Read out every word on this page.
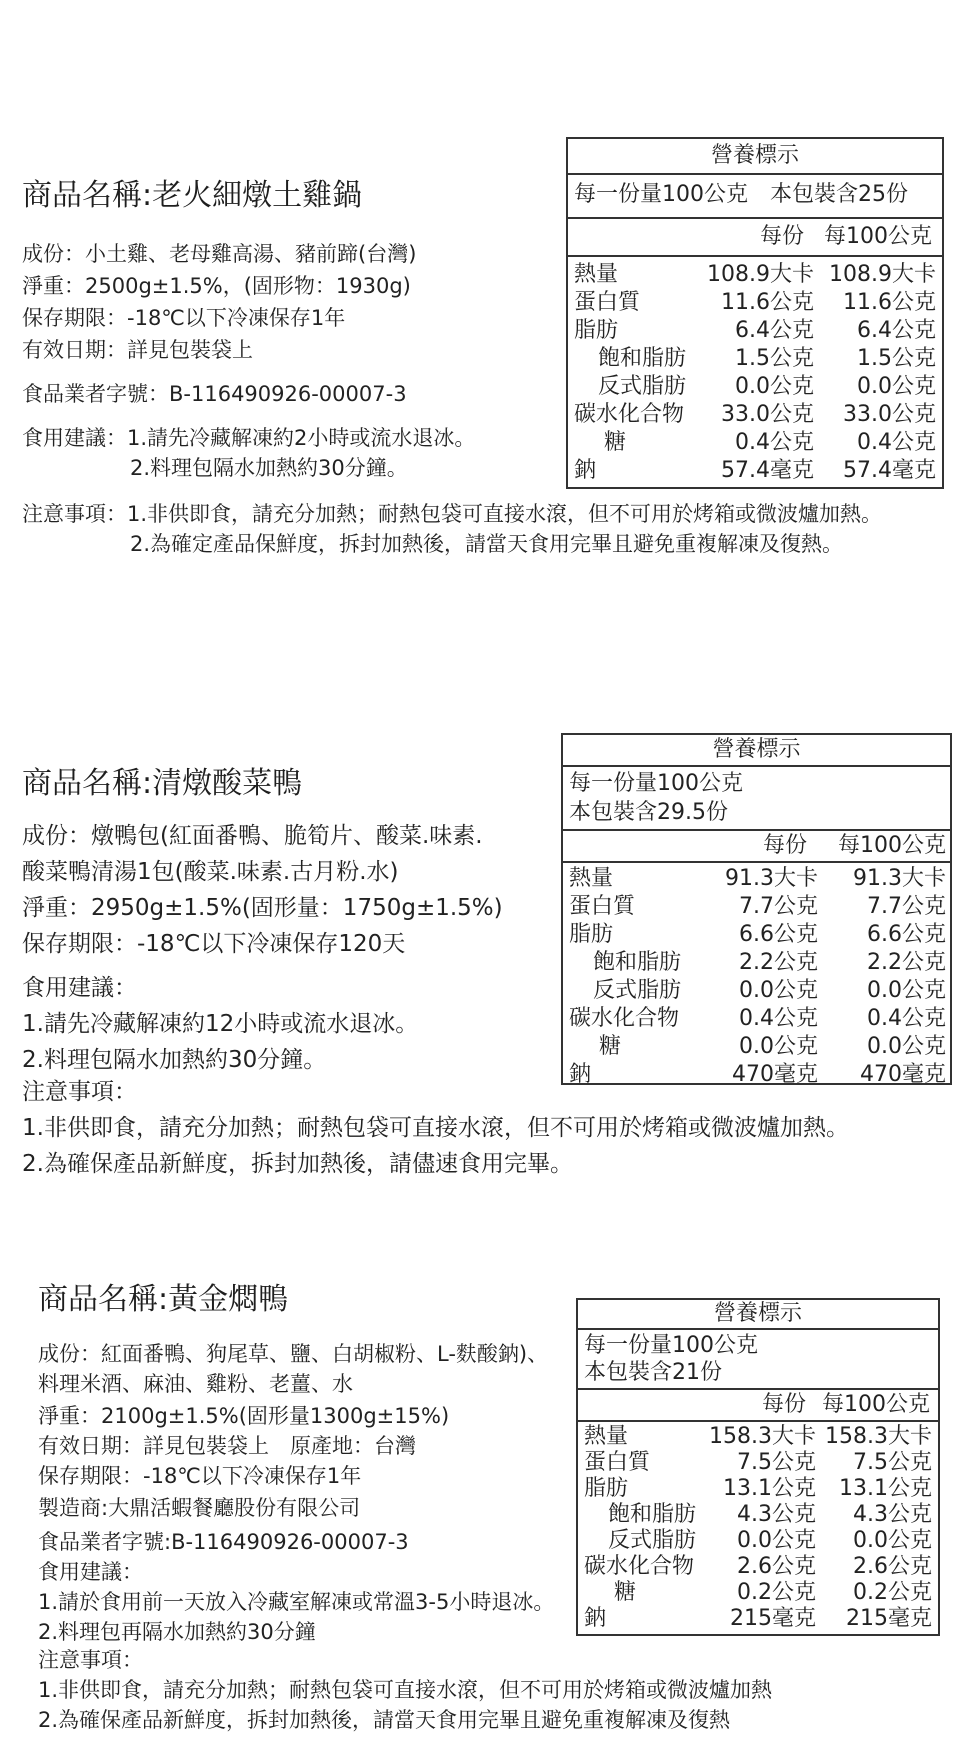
商品名稱:老火細燉土雞鍋
成份：小土雞、老母雞高湯、豬前蹄(台灣)
淨重：2500g±1.5%，(固形物：1930g)
保存期限：-18℃以下冷凍保存1年
有效日期：詳見包裝袋上
食品業者字號：B-116490926-00007-3
食用建議：1.請先冷藏解凍約2小時或流水退冰。
2.料理包隔水加熱約30分鐘。
注意事項：1.非供即食，請充分加熱；耐熱包袋可直接水滾，但不可用於烤箱或微波爐加熱。
2.為確定產品保鮮度，拆封加熱後，請當天食用完畢且避免重複解凍及復熱。
營養標示
每一份量100公克　本包裝含25份
每份 每100公克
熱量	108.9大卡 108.9大卡
蛋白質	11.6公克 11.6公克
脂肪	6.4公克 6.4公克
飽和脂肪 1.5公克 1.5公克
反式脂肪 0.0公克 0.0公克
碳水化合物 33.0公克 33.0公克
糖	0.4公克 0.4公克
鈉	57.4毫克 57.4毫克
商品名稱:清燉酸菜鴨
成份：燉鴨包(紅面番鴨、脆筍片、酸菜.味素.
酸菜鴨清湯1包(酸菜.味素.古月粉.水)
淨重：2950g±1.5%(固形量：1750g±1.5%)
保存期限：-18℃以下冷凍保存120天
食用建議：
1.請先冷藏解凍約12小時或流水退冰。
2.料理包隔水加熱約30分鐘。
注意事項：
1.非供即食，請充分加熱；耐熱包袋可直接水滾，但不可用於烤箱或微波爐加熱。
2.為確保產品新鮮度，拆封加熱後，請儘速食用完畢。
營養標示
每一份量100公克
本包裝含29.5份
每份 每100公克
熱量	91.3大卡 91.3大卡
蛋白質	7.7公克 7.7公克
脂肪	6.6公克 6.6公克
飽和脂肪	2.2公克 2.2公克
反式脂肪	0.0公克 0.0公克
碳水化合物	0.4公克 0.4公克
糖	0.0公克 0.0公克
鈉	470毫克 470毫克
商品名稱:黃金燜鴨
成份：紅面番鴨、狗尾草、鹽、白胡椒粉、L-麩酸鈉)、
料理米酒、麻油、雞粉、老薑、水
淨重：2100g±1.5%(固形量1300g±15%)
有效日期：詳見包裝袋上　原產地：台灣
保存期限：-18℃以下冷凍保存1年
製造商:大鼎活蝦餐廳股份有限公司
食品業者字號:B-116490926-00007-3
食用建議：
1.請於食用前一天放入冷藏室解凍或常溫3-5小時退冰。
2.料理包再隔水加熱約30分鐘
注意事項：
1.非供即食，請充分加熱；耐熱包袋可直接水滾，但不可用於烤箱或微波爐加熱
2.為確保產品新鮮度，拆封加熱後，請當天食用完畢且避免重複解凍及復熱
營養標示
每一份量100公克
本包裝含21份
每份 每100公克
熱量	158.3大卡 158.3大卡
蛋白質	7.5公克 7.5公克
脂肪	13.1公克 13.1公克
飽和脂肪 4.3公克 4.3公克
反式脂肪 0.0公克 0.0公克
碳水化合物 2.6公克 2.6公克
糖	0.2公克 0.2公克
鈉	215毫克 215毫克
